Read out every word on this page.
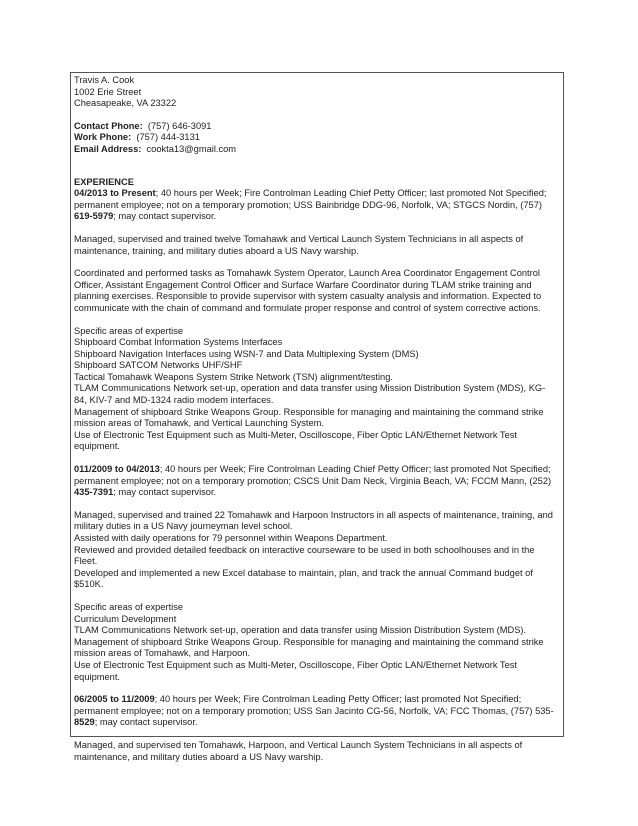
Travis A. Cook
1002 Erie Street
Cheasapeake, VA 23322
Contact Phone: (757) 646-3091
Work Phone: (757) 444-3131
Email Address: cookta13@gmail.com
EXPERIENCE
04/2013 to Present; 40 hours per Week; Fire Controlman Leading Chief Petty Officer; last promoted Not Specified;
permanent employee; not on a temporary promotion; USS Bainbridge DDG-96, Norfolk, VA; STGCS Nordin, (757)
619-5979; may contact supervisor.
Managed, supervised and trained twelve Tomahawk and Vertical Launch System Technicians in all aspects of
maintenance, training, and military duties aboard a US Navy warship.
Coordinated and performed tasks as Tomahawk System Operator, Launch Area Coordinator Engagement Control
Officer, Assistant Engagement Control Officer and Surface Warfare Coordinator during TLAM strike training and
planning exercises. Responsible to provide supervisor with system casualty analysis and information. Expected to
communicate with the chain of command and formulate proper response and control of system corrective actions.
Specific areas of expertise
Shipboard Combat Information Systems Interfaces
Shipboard Navigation Interfaces using WSN-7 and Data Multiplexing System (DMS)
Shipboard SATCOM Networks UHF/SHF
Tactical Tomahawk Weapons System Strike Network (TSN) alignment/testing.
TLAM Communications Network set-up, operation and data transfer using Mission Distribution System (MDS), KG-
84, KIV-7 and MD-1324 radio modem interfaces.
Management of shipboard Strike Weapons Group. Responsible for managing and maintaining the command strike
mission areas of Tomahawk, and Vertical Launching System.
Use of Electronic Test Equipment such as Multi-Meter, Oscilloscope, Fiber Optic LAN/Ethernet Network Test
equipment.
011/2009 to 04/2013; 40 hours per Week; Fire Controlman Leading Chief Petty Officer; last promoted Not Specified;
permanent employee; not on a temporary promotion; CSCS Unit Dam Neck, Virginia Beach, VA; FCCM Mann, (252)
435-7391; may contact supervisor.
Managed, supervised and trained 22 Tomahawk and Harpoon Instructors in all aspects of maintenance, training, and
military duties in a US Navy journeyman level school.
Assisted with daily operations for 79 personnel within Weapons Department.
Reviewed and provided detailed feedback on interactive courseware to be used in both schoolhouses and in the
Fleet.
Developed and implemented a new Excel database to maintain, plan, and track the annual Command budget of
$510K.
Specific areas of expertise
Curriculum Development
TLAM Communications Network set-up, operation and data transfer using Mission Distribution System (MDS).
Management of shipboard Strike Weapons Group. Responsible for managing and maintaining the command strike
mission areas of Tomahawk, and Harpoon.
Use of Electronic Test Equipment such as Multi-Meter, Oscilloscope, Fiber Optic LAN/Ethernet Network Test
equipment.
06/2005 to 11/2009; 40 hours per Week; Fire Controlman Leading Petty Officer; last promoted Not Specified;
permanent employee; not on a temporary promotion; USS San Jacinto CG-56, Norfolk, VA; FCC Thomas, (757) 535-
8529; may contact supervisor.
Managed, and supervised ten Tomahawk, Harpoon, and Vertical Launch System Technicians in all aspects of
maintenance, and military duties aboard a US Navy warship.
